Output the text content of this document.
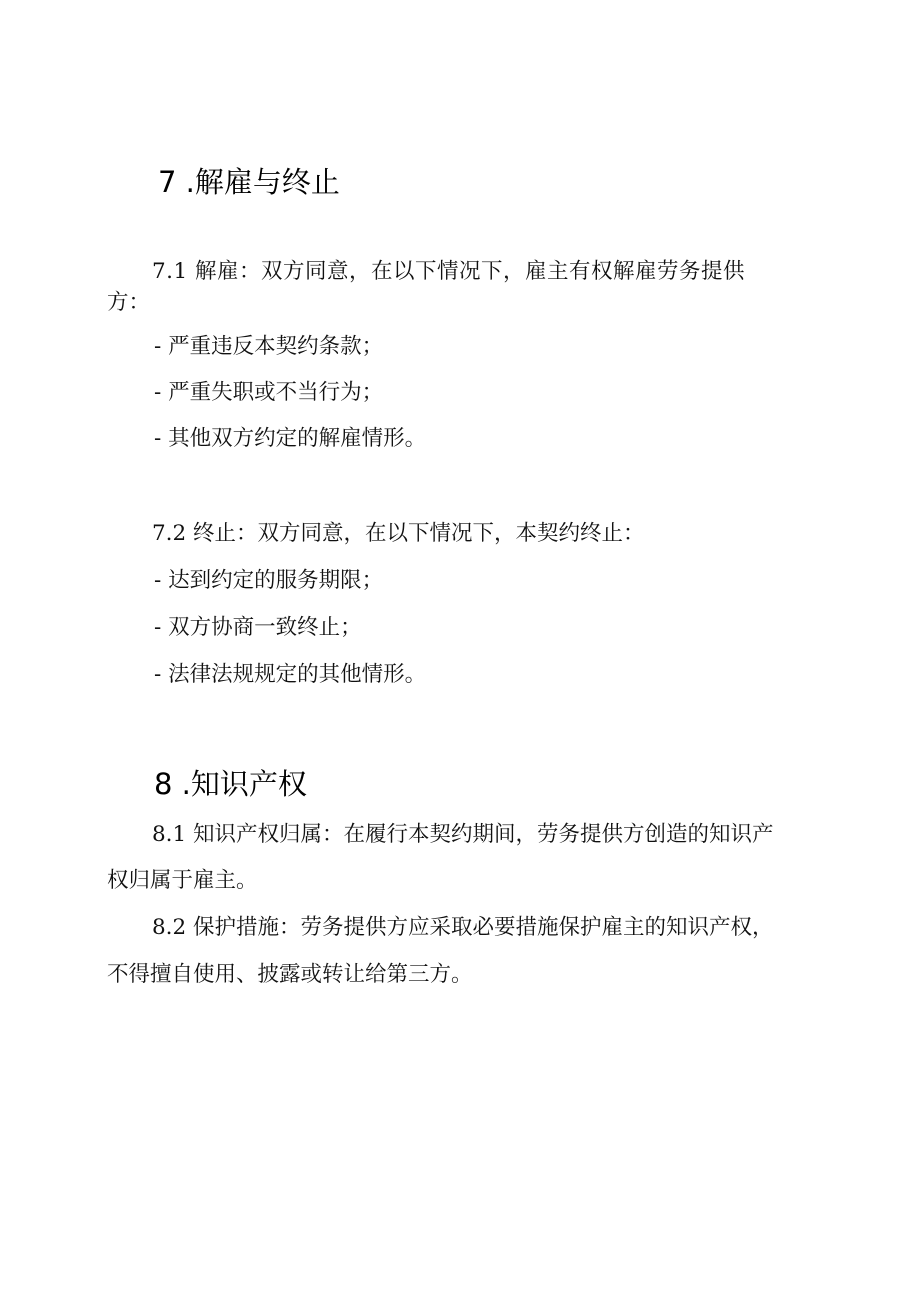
7 .解雇与终止
7.1 解雇：双方同意，在以下情况下，雇主有权解雇劳务提供
方：
- 严重违反本契约条款；
- 严重失职或不当行为；
- 其他双方约定的解雇情形。
7.2 终止：双方同意，在以下情况下，本契约终止：
- 达到约定的服务期限；
- 双方协商一致终止；
- 法律法规规定的其他情形。
8 .知识产权
8.1 知识产权归属：在履行本契约期间，劳务提供方创造的知识产
权归属于雇主。
8.2 保护措施：劳务提供方应采取必要措施保护雇主的知识产权，
不得擅自使用、披露或转让给第三方。
